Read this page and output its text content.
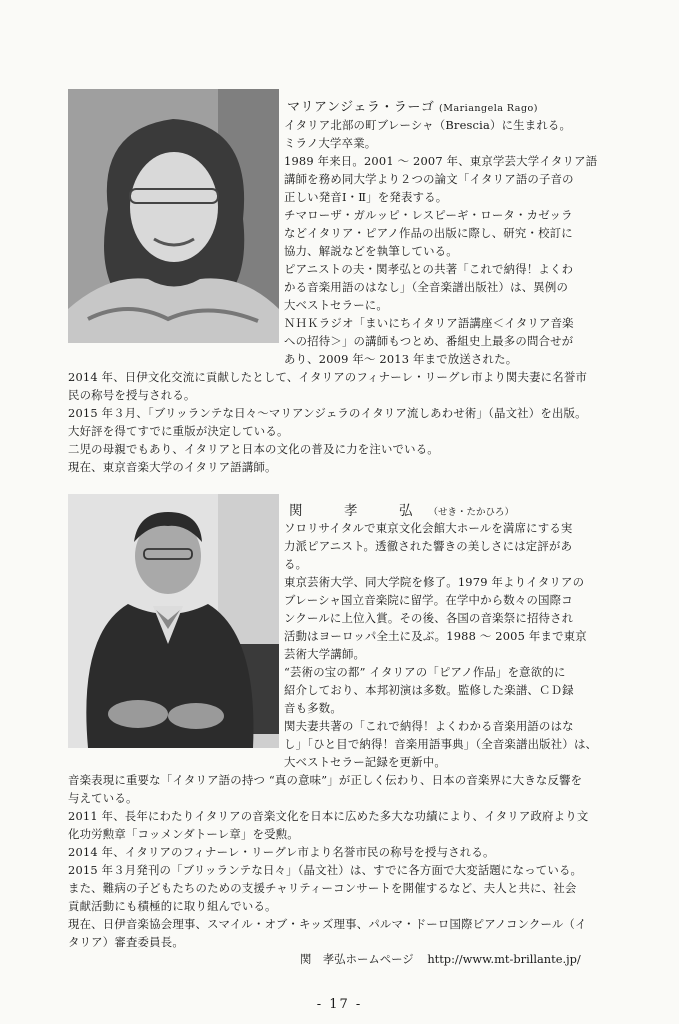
マリアンジェラ・ラーゴ (Mariangela Rago)
イタリア北部の町ブレーシャ（Brescia）に生まれる。
ミラノ大学卒業。
1989 年来日。2001 ～ 2007 年、東京学芸大学イタリア語
講師を務め同大学より２つの論文「イタリア語の子音の
正しい発音Ⅰ・Ⅱ」を発表する。
チマローザ・ガルッピ・レスピーギ・ロータ・カゼッラ
などイタリア・ピアノ作品の出版に際し、研究・校訂に
協力、解説などを執筆している。
ピアニストの夫・関孝弘との共著「これで納得！よくわ
かる音楽用語のはなし」（全音楽譜出版社）は、異例の
大ベストセラーに。
ＮＨＫラジオ「まいにちイタリア語講座＜イタリア音楽
への招待＞」の講師もつとめ、番組史上最多の問合せが
あり、2009 年～ 2013 年まで放送された。
2014 年、日伊文化交流に貢献したとして、イタリアのフィナーレ・リーグレ市より関夫妻に名誉市
民の称号を授与される。
2015 年３月、「ブリッランテな日々～マリアンジェラのイタリア流しあわせ術」（晶文社）を出版。
大好評を得てすでに重版が決定している。
二児の母親でもあり、イタリアと日本の文化の普及に力を注いでいる。
現在、東京音楽大学のイタリア語講師。
関　孝　弘 （せき・たかひろ）
ソロリサイタルで東京文化会館大ホールを満席にする実
力派ピアニスト。透徹された響きの美しさには定評があ
る。
東京芸術大学、同大学院を修了。1979 年よりイタリアの
ブレーシャ国立音楽院に留学。在学中から数々の国際コ
ンクールに上位入賞。その後、各国の音楽祭に招待され
活動はヨーロッパ全土に及ぶ。1988 ～ 2005 年まで東京
芸術大学講師。
“芸術の宝の都” イタリアの「ピアノ作品」を意欲的に
紹介しており、本邦初演は多数。監修した楽譜、ＣＤ録
音も多数。
関夫妻共著の「これで納得！よくわかる音楽用語のはな
し」「ひと目で納得！音楽用語事典」（全音楽譜出版社）は、
大ベストセラー記録を更新中。
音楽表現に重要な「イタリア語の持つ “真の意味”」が正しく伝わり、日本の音楽界に大きな反響を
与えている。
2011 年、長年にわたりイタリアの音楽文化を日本に広めた多大な功績により、イタリア政府より文
化功労勲章「コッメンダトーレ章」を受勲。
2014 年、イタリアのフィナーレ・リーグレ市より名誉市民の称号を授与される。
2015 年３月発刊の「ブリッランテな日々」（晶文社）は、すでに各方面で大変話題になっている。
また、難病の子どもたちのための支援チャリティーコンサートを開催するなど、夫人と共に、社会
貢献活動にも積極的に取り組んでいる。
現在、日伊音楽協会理事、スマイル・オブ・キッズ理事、パルマ・ドーロ国際ピアノコンクール（イ
タリア）審査委員長。
関　孝弘ホームページ http://www.mt-brillante.jp/
- 17 -
